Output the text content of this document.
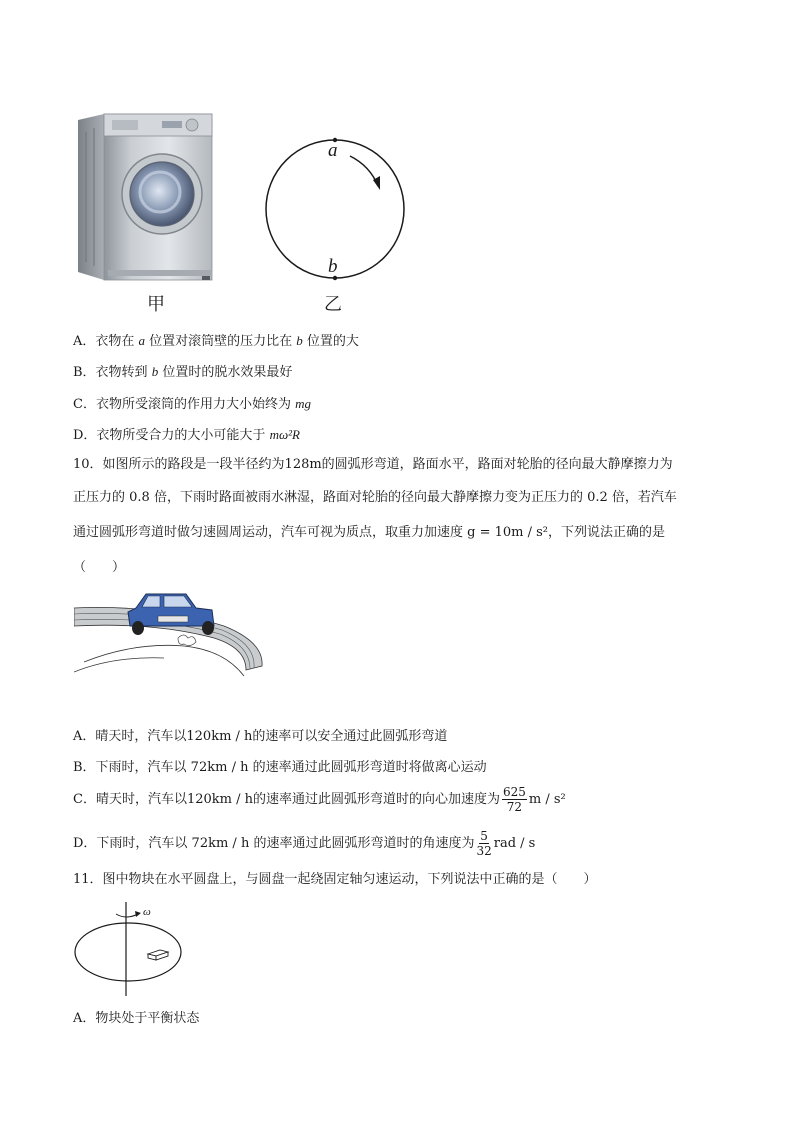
甲
a
b
乙
A．衣物在 a 位置对滚筒壁的压力比在 b 位置的大
B．衣物转到 b 位置时的脱水效果最好
C．衣物所受滚筒的作用力大小始终为 mg
D．衣物所受合力的大小可能大于 mω²R
10．如图所示的路段是一段半径约为128m的圆弧形弯道，路面水平，路面对轮胎的径向最大静摩擦力为
正压力的 0.8 倍，下雨时路面被雨水淋湿，路面对轮胎的径向最大静摩擦力变为正压力的 0.2 倍，若汽车
通过圆弧形弯道时做匀速圆周运动，汽车可视为质点，取重力加速度 g = 10m / s²，下列说法正确的是
（　　）
A．晴天时，汽车以120km / h的速率可以安全通过此圆弧形弯道
B．下雨时，汽车以 72km / h 的速率通过此圆弧形弯道时将做离心运动
C．晴天时，汽车以120km / h的速率通过此圆弧形弯道时的向心加速度为 $\frac{625}{72}$ m / s²
D．下雨时，汽车以 72km / h 的速率通过此圆弧形弯道时的角速度为 $\frac{5}{32}$ rad / s
11．图中物块在水平圆盘上，与圆盘一起绕固定轴匀速运动，下列说法中正确的是（　　）
ω
A．物块处于平衡状态
